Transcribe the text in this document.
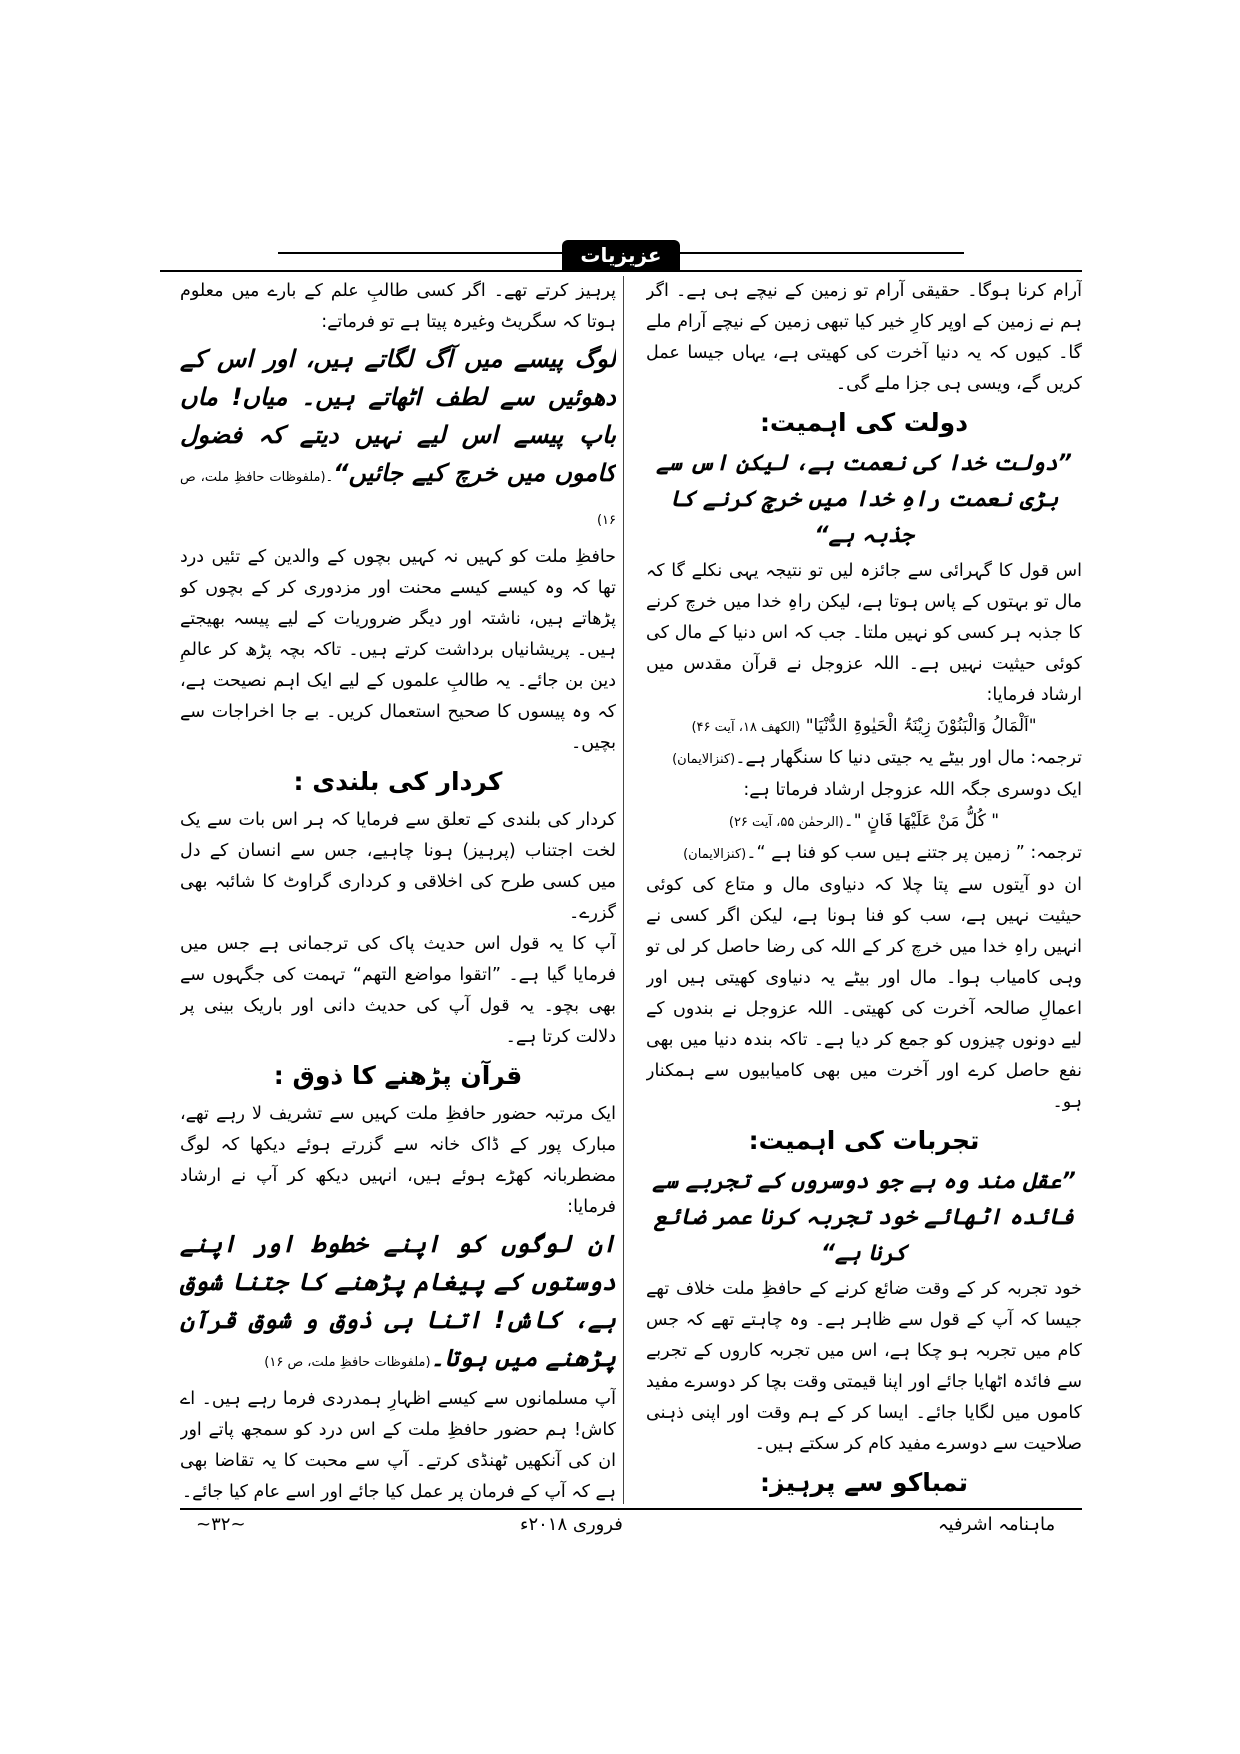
عزیزیات

آرام کرنا ہوگا۔ حقیقی آرام تو زمین کے نیچے ہی ہے۔ اگر ہم نے زمین کے اوپر کارِ خیر کیا تبھی زمین کے نیچے آرام ملے گا۔ کیوں کہ یہ دنیا آخرت کی کھیتی ہے، یہاں جیسا عمل کریں گے، ویسی ہی جزا ملے گی۔

دولت کی اہمیت:
”دولت خدا کی نعمت ہے، لیکن اس سے بڑی نعمت راہِ خدا میں خرچ کرنے کا جذبہ ہے“

اس قول کا گہرائی سے جائزہ لیں تو نتیجہ یہی نکلے گا کہ مال تو بہتوں کے پاس ہوتا ہے، لیکن راہِ خدا میں خرچ کرنے کا جذبہ ہر کسی کو نہیں ملتا۔ جب کہ اس دنیا کے مال کی کوئی حیثیت نہیں ہے۔ اللہ عزوجل نے قرآن مقدس میں ارشاد فرمایا:

"اَلْمَالُ وَالْبَنُوْنَ زِیْنَۃُ الْحَیٰوۃِ الدُّنْیَا" (الکھف ۱۸، آیت ۴۶)

ترجمہ: مال اور بیٹے یہ جیتی دنیا کا سنگھار ہے۔(کنزالایمان)

ایک دوسری جگہ اللہ عزوجل ارشاد فرماتا ہے:

" کُلُّ مَنْ عَلَیْھَا فَانٍ "۔(الرحمٰن ۵۵، آیت ۲۶)

ترجمہ: ” زمین پر جتنے ہیں سب کو فنا ہے “۔(کنزالایمان)

ان دو آیتوں سے پتا چلا کہ دنیاوی مال و متاع کی کوئی حیثیت نہیں ہے، سب کو فنا ہونا ہے، لیکن اگر کسی نے انہیں راہِ خدا میں خرچ کر کے اللہ کی رضا حاصل کر لی تو وہی کامیاب ہوا۔ مال اور بیٹے یہ دنیاوی کھیتی ہیں اور اعمالِ صالحہ آخرت کی کھیتی۔ اللہ عزوجل نے بندوں کے لیے دونوں چیزوں کو جمع کر دیا ہے۔ تاکہ بندہ دنیا میں بھی نفع حاصل کرے اور آخرت میں بھی کامیابیوں سے ہمکنار ہو۔

تجربات کی اہمیت:
”عقل مند وہ ہے جو دوسروں کے تجربے سے فائدہ اٹھائے خود تجربہ کرنا عمر ضائع کرنا ہے“

خود تجربہ کر کے وقت ضائع کرنے کے حافظِ ملت خلاف تھے جیسا کہ آپ کے قول سے ظاہر ہے۔ وہ چاہتے تھے کہ جس کام میں تجربہ ہو چکا ہے، اس میں تجربہ کاروں کے تجربے سے فائدہ اٹھایا جائے اور اپنا قیمتی وقت بچا کر دوسرے مفید کاموں میں لگایا جائے۔ ایسا کر کے ہم وقت اور اپنی ذہنی صلاحیت سے دوسرے مفید کام کر سکتے ہیں۔

تمباکو سے پرہیز:

پرہیز کرتے تھے۔ اگر کسی طالبِ علم کے بارے میں معلوم ہوتا کہ سگریٹ وغیرہ پیتا ہے تو فرماتے:

لوگ پیسے میں آگ لگاتے ہیں، اور اس کے دھوئیں سے لطف اٹھاتے ہیں۔ میاں! ماں باپ پیسے اس لیے نہیں دیتے کہ فضول کاموں میں خرچ کیے جائیں“۔(ملفوظات حافظِ ملت، ص ۱۶)

حافظِ ملت کو کہیں نہ کہیں بچوں کے والدین کے تئیں درد تھا کہ وہ کیسے کیسے محنت اور مزدوری کر کے بچوں کو پڑھاتے ہیں، ناشتہ اور دیگر ضروریات کے لیے پیسہ بھیجتے ہیں۔ پریشانیاں برداشت کرتے ہیں۔ تاکہ بچہ پڑھ کر عالمِ دین بن جائے۔ یہ طالبِ علموں کے لیے ایک اہم نصیحت ہے، کہ وہ پیسوں کا صحیح استعمال کریں۔ بے جا اخراجات سے بچیں۔

کردار کی بلندی :

کردار کی بلندی کے تعلق سے فرمایا کہ ہر اس بات سے یک لخت اجتناب (پرہیز) ہونا چاہیے، جس سے انسان کے دل میں کسی طرح کی اخلاقی و کرداری گراوٹ کا شائبہ بھی گزرے۔

آپ کا یہ قول اس حدیث پاک کی ترجمانی ہے جس میں فرمایا گیا ہے۔ ”اتقوا مواضع التھم“ تہمت کی جگہوں سے بھی بچو۔ یہ قول آپ کی حدیث دانی اور باریک بینی پر دلالت کرتا ہے۔

قرآن پڑھنے کا ذوق :

ایک مرتبہ حضور حافظِ ملت کہیں سے تشریف لا رہے تھے، مبارک پور کے ڈاک خانہ سے گزرتے ہوئے دیکھا کہ لوگ مضطربانہ کھڑے ہوئے ہیں، انہیں دیکھ کر آپ نے ارشاد فرمایا:

ان لوگوں کو اپنے خطوط اور اپنے دوستوں کے پیغام پڑھنے کا جتنا شوق ہے، کاش! اتنا ہی ذوق و شوق قرآن پڑھنے میں ہوتا۔(ملفوظات حافظِ ملت، ص ۱۶)

آپ مسلمانوں سے کیسے اظہارِ ہمدردی فرما رہے ہیں۔ اے کاش! ہم حضور حافظِ ملت کے اس درد کو سمجھ پاتے اور ان کی آنکھیں ٹھنڈی کرتے۔ آپ سے محبت کا یہ تقاضا بھی ہے کہ آپ کے فرمان پر عمل کیا جائے اور اسے عام کیا جائے۔

ماہنامہ اشرفیہ
فروری ۲۰۱۸ء
~۳۲~
